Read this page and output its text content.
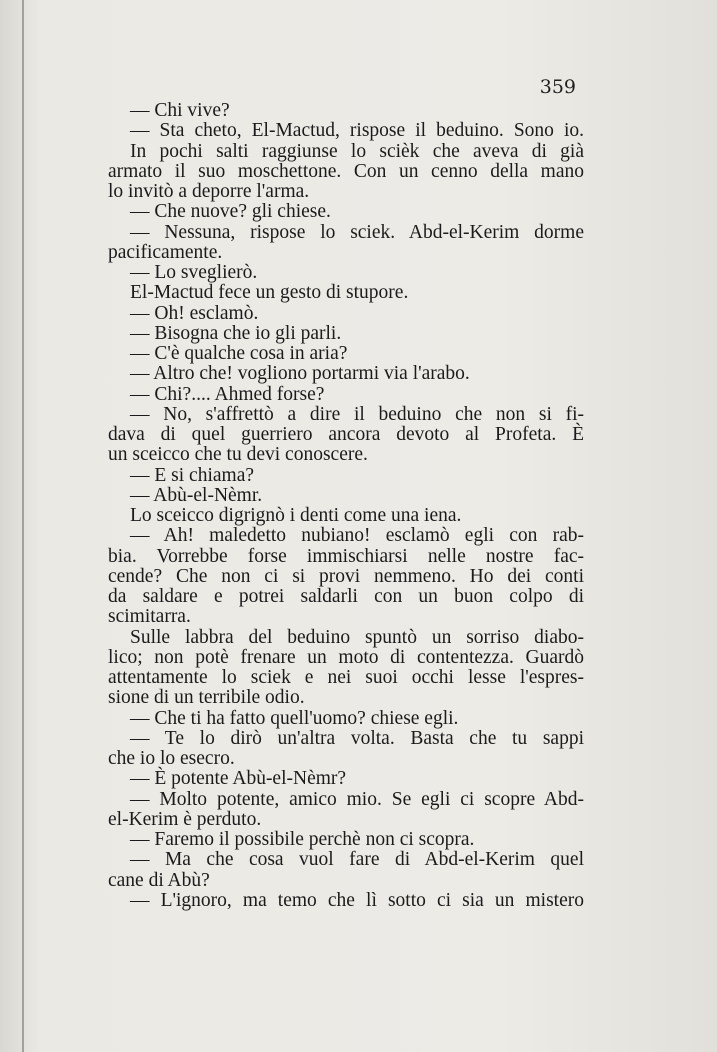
359
— Chi vive?
— Sta cheto, El-Mactud, rispose il beduino. Sono io.
In pochi salti raggiunse lo scièk che aveva di già
armato il suo moschettone. Con un cenno della mano
lo invitò a deporre l'arma.
— Che nuove? gli chiese.
— Nessuna, rispose lo sciek. Abd-el-Kerim dorme
pacificamente.
— Lo sveglierò.
El-Mactud fece un gesto di stupore.
— Oh! esclamò.
— Bisogna che io gli parli.
— C'è qualche cosa in aria?
— Altro che! vogliono portarmi via l'arabo.
— Chi?.... Ahmed forse?
— No, s'affrettò a dire il beduino che non si fi-
dava di quel guerriero ancora devoto al Profeta. È
un sceicco che tu devi conoscere.
— E si chiama?
— Abù-el-Nèmr.
Lo sceicco digrignò i denti come una iena.
— Ah! maledetto nubiano! esclamò egli con rab-
bia. Vorrebbe forse immischiarsi nelle nostre fac-
cende? Che non ci si provi nemmeno. Ho dei conti
da saldare e potrei saldarli con un buon colpo di
scimitarra.
Sulle labbra del beduino spuntò un sorriso diabo-
lico; non potè frenare un moto di contentezza. Guardò
attentamente lo sciek e nei suoi occhi lesse l'espres-
sione di un terribile odio.
— Che ti ha fatto quell'uomo? chiese egli.
— Te lo dirò un'altra volta. Basta che tu sappi
che io lo esecro.
— È potente Abù-el-Nèmr?
— Molto potente, amico mio. Se egli ci scopre Abd-
el-Kerim è perduto.
— Faremo il possibile perchè non ci scopra.
— Ma che cosa vuol fare di Abd-el-Kerim quel
cane di Abù?
— L'ignoro, ma temo che lì sotto ci sia un mistero
